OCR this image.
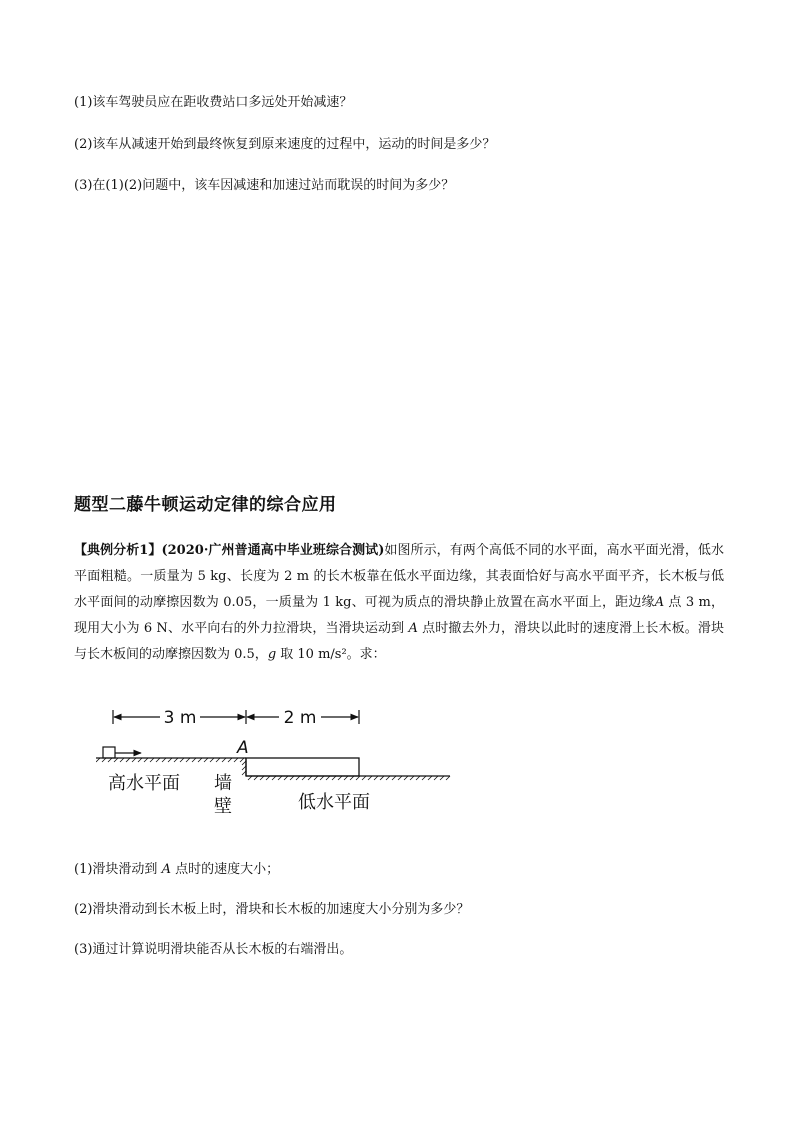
(1)该车驾驶员应在距收费站口多远处开始减速？
(2)该车从减速开始到最终恢复到原来速度的过程中，运动的时间是多少？
(3)在(1)(2)问题中，该车因减速和加速过站而耽误的时间为多少？
题型二藤牛顿运动定律的综合应用
【典例分析1】(2020·广州普通高中毕业班综合测试)如图所示，有两个高低不同的水平面，高水平面光滑，低水平面粗糙。一质量为 5 kg、长度为 2 m 的长木板靠在低水平面边缘，其表面恰好与高水平面平齐，长木板与低水平面间的动摩擦因数为 0.05，一质量为 1 kg、可视为质点的滑块静止放置在高水平面上，距边缘A 点 3 m，现用大小为 6 N、水平向右的外力拉滑块，当滑块运动到 A 点时撤去外力，滑块以此时的速度滑上长木板。滑块与长木板间的动摩擦因数为 0.5，g 取 10 m/s²。求：
3 m	2 m
A
高水平面 墙
壁	低水平面
(1)滑块滑动到 A 点时的速度大小；
(2)滑块滑动到长木板上时，滑块和长木板的加速度大小分别为多少？
(3)通过计算说明滑块能否从长木板的右端滑出。
